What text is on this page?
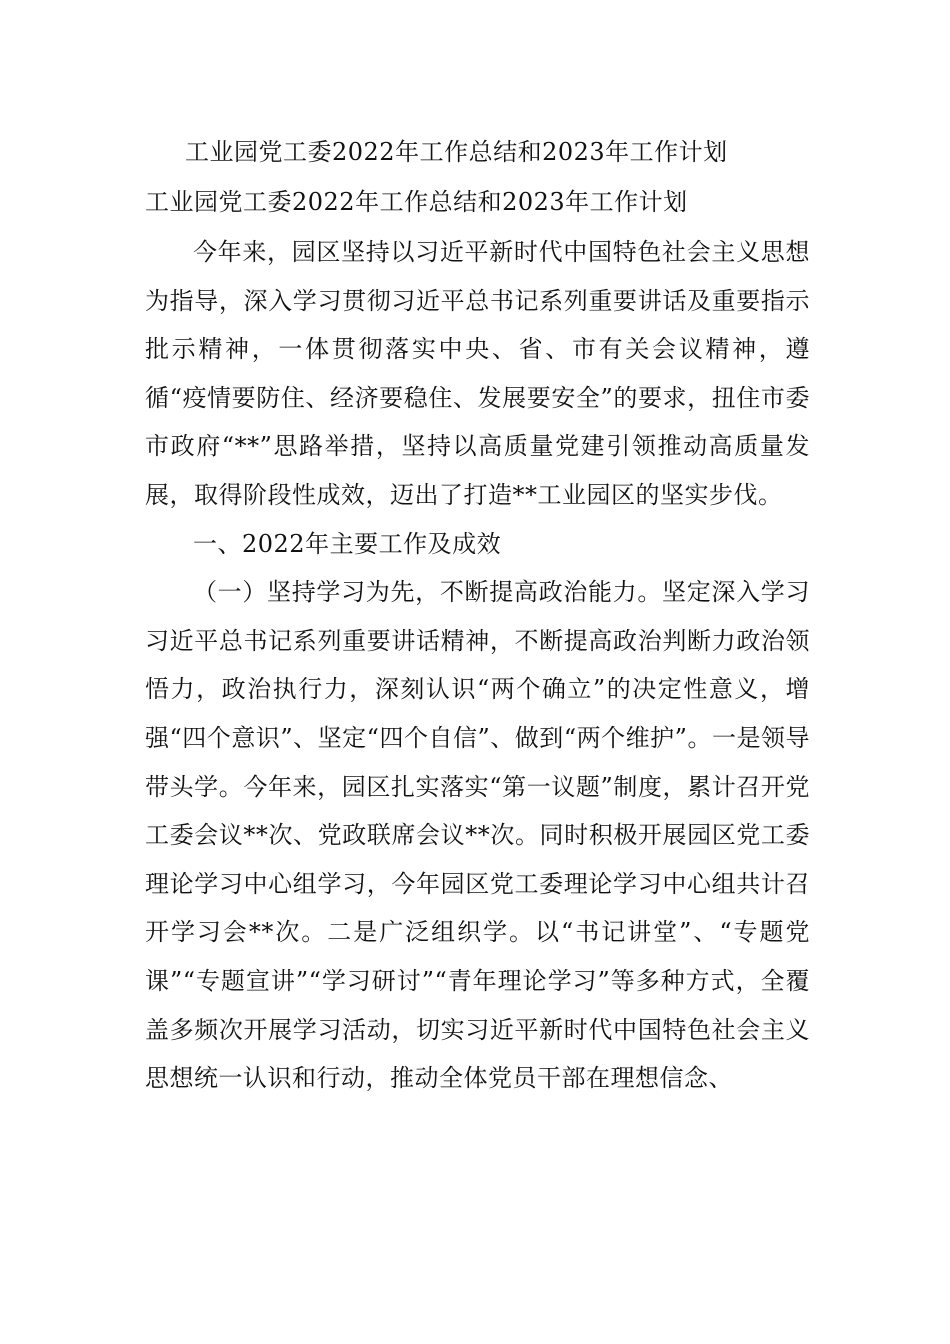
工业园党工委2022年工作总结和2023年工作计划
工业园党工委2022年工作总结和2023年工作计划

今年来，园区坚持以习近平新时代中国特色社会主义思想为指导，深入学习贯彻习近平总书记系列重要讲话及重要指示批示精神，一体贯彻落实中央、省、市有关会议精神，遵循“疫情要防住、经济要稳住、发展要安全”的要求，扭住市委市政府“**”思路举措，坚持以高质量党建引领推动高质量发展，取得阶段性成效，迈出了打造**工业园区的坚实步伐。

一、2022年主要工作及成效

（一）坚持学习为先，不断提高政治能力。坚定深入学习习近平总书记系列重要讲话精神，不断提高政治判断力政治领悟力，政治执行力，深刻认识“两个确立”的决定性意义，增强“四个意识”、坚定“四个自信”、做到“两个维护”。一是领导带头学。今年来，园区扎实落实“第一议题”制度，累计召开党工委会议**次、党政联席会议**次。同时积极开展园区党工委理论学习中心组学习，今年园区党工委理论学习中心组共计召开学习会**次。二是广泛组织学。以“书记讲堂”、“专题党课”“专题宣讲”“学习研讨”“青年理论学习”等多种方式，全覆盖多频次开展学习活动，切实习近平新时代中国特色社会主义思想统一认识和行动，推动全体党员干部在理想信念、
